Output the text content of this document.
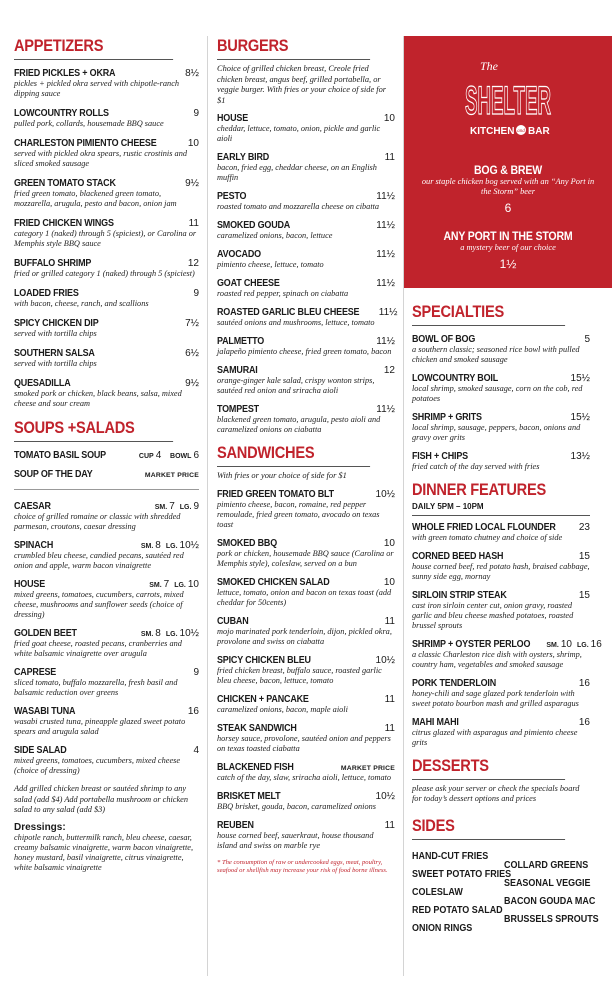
APPETIZERS
FRIED PICKLES + OKRA	8½
pickles + pickled okra served with chipotle-ranch dipping sauce
LOWCOUNTRY ROLLS	9
pulled pork, collards, housemade BBQ sauce
CHARLESTON PIMIENTO CHEESE	10
served with pickled okra spears, rustic crostinis and sliced smoked sausage
GREEN TOMATO STACK	9½
fried green tomato, blackened green tomato, mozzarella, arugula, pesto and bacon, onion jam
FRIED CHICKEN WINGS	11
category 1 (naked) through 5 (spiciest), or Carolina or Memphis style BBQ sauce
BUFFALO SHRIMP	12
fried or grilled category 1 (naked) through 5 (spiciest)
LOADED FRIES	9
with bacon, cheese, ranch, and scallions
SPICY CHICKEN DIP	7½
served with tortilla chips
SOUTHERN SALSA	6½
served with tortilla chips
QUESADILLA	9½
smoked pork or chicken, black beans, salsa, mixed cheese and sour cream
SOUPS +SALADS
TOMATO BASIL SOUP	CUP 4 BOWL 6
SOUP OF THE DAY	MARKET PRICE
CAESAR	SM. 7 LG. 9
choice of grilled romaine or classic with shredded parmesan, croutons, caesar dressing
SPINACH	SM. 8 LG. 10½
crumbled bleu cheese, candied pecans, sautéed red onion and apple, warm bacon vinaigrette
HOUSE	SM. 7 LG. 10
mixed greens, tomatoes, cucumbers, carrots, mixed cheese, mushrooms and sunflower seeds (choice of dressing)
GOLDEN BEET	SM. 8 LG. 10½
fried goat cheese, roasted pecans, cranberries and white balsamic vinaigrette over arugula
CAPRESE	9
sliced tomato, buffalo mozzarella, fresh basil and balsamic reduction over greens
WASABI TUNA	16
wasabi crusted tuna, pineapple glazed sweet potato spears and arugula salad
SIDE SALAD	4
mixed greens, tomatoes, cucumbers, mixed cheese (choice of dressing)
Add grilled chicken breast or sautéed shrimp to any salad (add $4) Add portabella mushroom or chicken salad to any salad (add $3)
Dressings:
chipotle ranch, buttermilk ranch, bleu cheese, caesar, creamy balsamic vinaigrette, warm bacon vinaigrette, honey mustard, basil vinaigrette, citrus vinaigrette, white balsamic vinaigrette
BURGERS
Choice of grilled chicken breast, Creole fried chicken breast, angus beef, grilled portabella, or veggie burger. With fries or your choice of side for $1
HOUSE	10
cheddar, lettuce, tomato, onion, pickle and garlic aioli
EARLY BIRD	11
bacon, fried egg, cheddar cheese, on an English muffin
PESTO	11½
roasted tomato and mozzarella cheese on cibatta
SMOKED GOUDA	11½
caramelized onions, bacon, lettuce
AVOCADO	11½
pimiento cheese, lettuce, tomato
GOAT CHEESE	11½
roasted red pepper, spinach on ciabatta
ROASTED GARLIC BLEU CHEESE 11½
sautéed onions and mushrooms, lettuce, tomato
PALMETTO	11½
jalapeño pimiento cheese, fried green tomato, bacon
SAMURAI	12
orange-ginger kale salad, crispy wonton strips, sautéed red onion and sriracha aioli
TOMPEST	11½
blackened green tomato, arugula, pesto aioli and caramelized onions on ciabatta
SANDWICHES
With fries or your choice of side for $1
FRIED GREEN TOMATO BLT	10½
pimiento cheese, bacon, romaine, red pepper remoulade, fried green tomato, avocado on texas toast
SMOKED BBQ	10
pork or chicken, housemade BBQ sauce (Carolina or Memphis style), coleslaw, served on a bun
SMOKED CHICKEN SALAD	10
lettuce, tomato, onion and bacon on texas toast (add cheddar for 50cents)
CUBAN	11
mojo marinated pork tenderloin, dijon, pickled okra, provolone and swiss on ciabatta
SPICY CHICKEN BLEU	10½
fried chicken breast, buffalo sauce, roasted garlic bleu cheese, bacon, lettuce, tomato
CHICKEN + PANCAKE	11
caramelized onions, bacon, maple aioli
STEAK SANDWICH	11
horsey sauce, provolone, sautéed onion and peppers on texas toasted ciabatta
BLACKENED FISH	MARKET PRICE
catch of the day, slaw, sriracha aioli, lettuce, tomato
BRISKET MELT	10½
BBQ brisket, gouda, bacon, caramelized onions
REUBEN	11
house corned beef, sauerkraut, house thousand island and swiss on marble rye
* The consumption of raw or undercooked eggs, meat, poultry, seafood or shellfish may increase your risk of food borne illness.
The
SHELTER
KITCHEN and BAR
BOG & BREW
our staple chicken bog served with an “Any Port in the Storm” beer
6
ANY PORT IN THE STORM
a mystery beer of our choice
1½
SPECIALTIES
BOWL OF BOG	5
a southern classic; seasoned rice bowl with pulled chicken and smoked sausage
LOWCOUNTRY BOIL	15½
local shrimp, smoked sausage, corn on the cob, red potatoes
SHRIMP + GRITS	15½
local shrimp, sausage, peppers, bacon, onions and gravy over grits
FISH + CHIPS	13½
fried catch of the day served with fries
DINNER FEATURES
DAILY 5PM – 10PM
WHOLE FRIED LOCAL FLOUNDER 23
with green tomato chutney and choice of side
CORNED BEED HASH	15
house corned beef, red potato hash, braised cabbage, sunny side egg, mornay
SIRLOIN STRIP STEAK	15
cast iron sirloin center cut, onion gravy, roasted garlic and bleu cheese mashed potatoes, roasted brussel sprouts
SHRIMP + OYSTER PERLOO SM. 10 LG. 16
a classic Charleston rice dish with oysters, shrimp, country ham, vegetables and smoked sausage
PORK TENDERLOIN	16
honey-chili and sage glazed pork tenderloin with sweet potato bourbon mash and grilled asparagus
MAHI MAHI	16
citrus glazed with asparagus and pimiento cheese grits
DESSERTS
please ask your server or check the specials board for today’s dessert options and prices
SIDES
HAND-CUT FRIES
SWEET POTATO FRIES
COLESLAW
RED POTATO SALAD
ONION RINGS
COLLARD GREENS
SEASONAL VEGGIE
BACON GOUDA MAC
BRUSSELS SPROUTS
